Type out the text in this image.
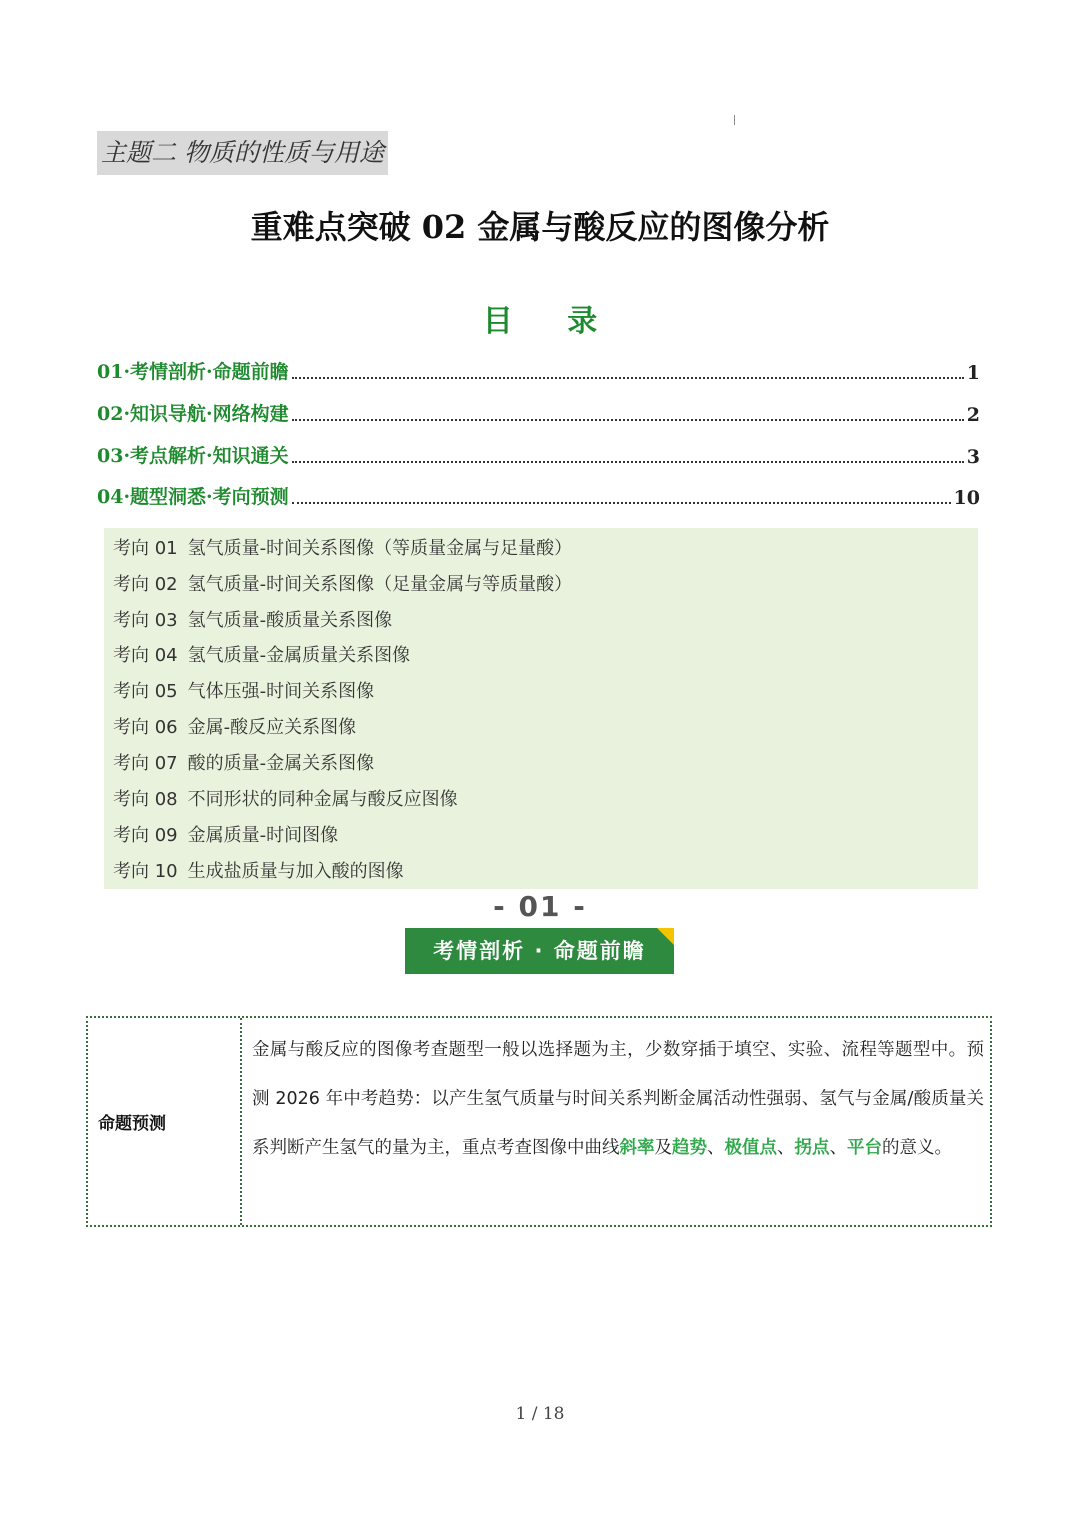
主题二 物质的性质与用途
重难点突破 02 金属与酸反应的图像分析
目 录
01·考情剖析·命题前瞻	1
02·知识导航·网络构建	2
03·考点解析·知识通关	3
04·题型洞悉·考向预测	10
考向 01 氢气质量-时间关系图像（等质量金属与足量酸）
考向 02 氢气质量-时间关系图像（足量金属与等质量酸）
考向 03 氢气质量-酸质量关系图像
考向 04 氢气质量-金属质量关系图像
考向 05 气体压强-时间关系图像
考向 06 金属-酸反应关系图像
考向 07 酸的质量-金属关系图像
考向 08 不同形状的同种金属与酸反应图像
考向 09 金属质量-时间图像
考向 10 生成盐质量与加入酸的图像
- 01 -
考情剖析 · 命题前瞻
命题预测
金属与酸反应的图像考查题型一般以选择题为主，少数穿插于填空、实验、流程等题型中。预测 2026 年中考趋势：以产生氢气质量与时间关系判断金属活动性强弱、氢气与金属/酸质量关系判断产生氢气的量为主，重点考查图像中曲线斜率及趋势、极值点、拐点、平台的意义。
1 / 18
